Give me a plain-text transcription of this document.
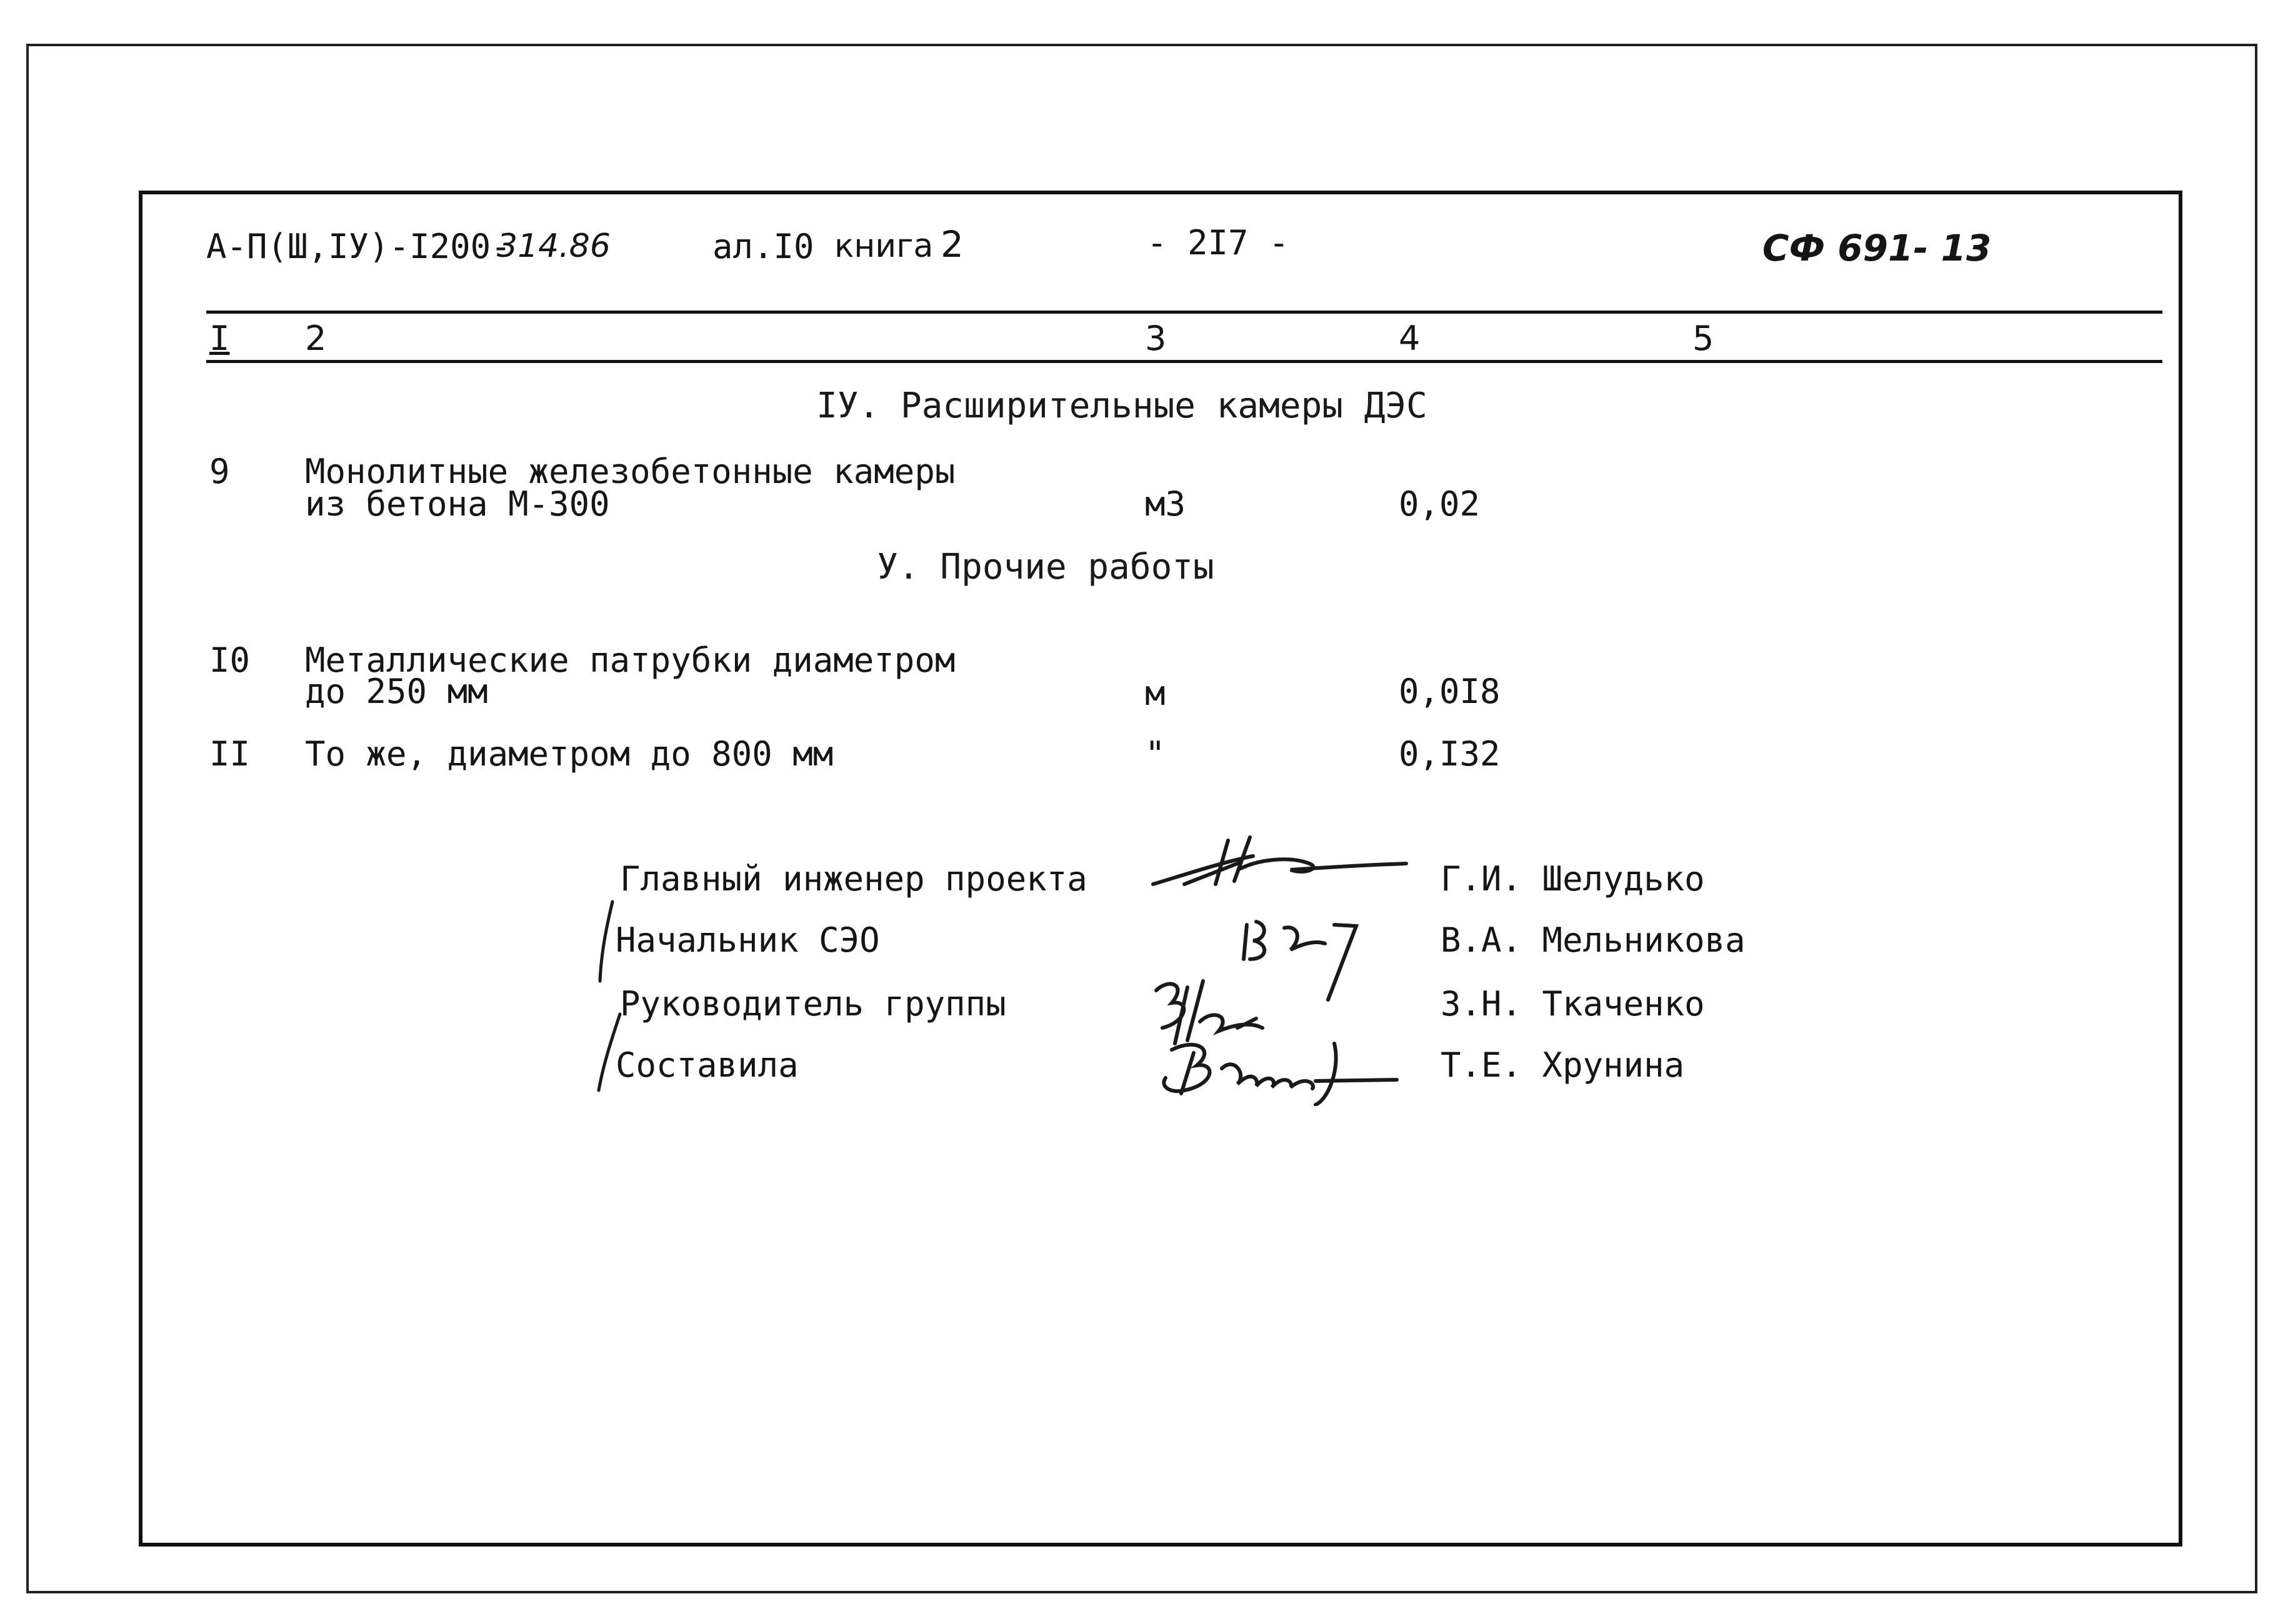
А-П(Ш,IУ)-I200-
314.86	ал.I0 книга 2	- 2I7 -	СФ 691- 13
I 2	3	4	5
IУ. Расширительные камеры ДЭС
9 Монолитные железобетонные камеры
из бетона М-300	м3	0,02
У. Прочие работы
I0 Металлические патрубки диаметром
до 250 мм	м	0,0I8
II То же, диаметром до 800 мм	"	0,I32
Главный инженер проекта	Г.И. Шелудько
Начальник СЭО	В.А. Мельникова
Руководитель группы	З.Н. Ткаченко
Составила	Т.Е. Хрунина
